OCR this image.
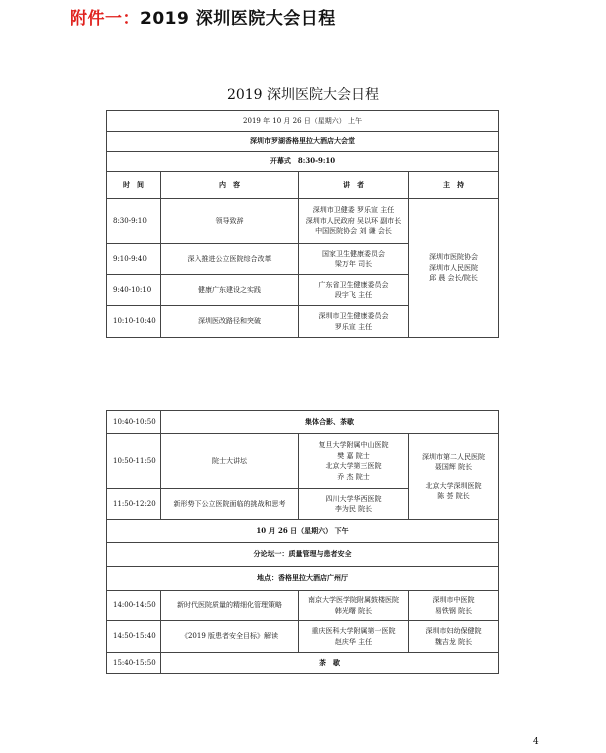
附件一：2019 深圳医院大会日程
2019 深圳医院大会日程
2019 年 10 月 26 日（星期六） 上午			
深圳市罗湖香格里拉大酒店大会堂			
开幕式　8:30-9:10			
时　间	内　容	讲　者	主　持
8:30-9:10	领导致辞	深圳市卫健委 罗乐宣 主任
深圳市人民政府 吴以环 副市长
中国医院协会 刘 谦 会长	深圳市医院协会
深圳市人民医院
邱 晨 会长/院长

9:10-9:40	深入推进公立医院综合改革	国家卫生健康委员会
梁万年 司长	

9:40-10:10	健康广东建设之实践	广东省卫生健康委员会
段宇飞 主任	

10:10-10:40	深圳医改路径和突破	深圳市卫生健康委员会
罗乐宣 主任	
10:40-10:50	集体合影、茶歇		
10:50-11:50	院士大讲坛	复旦大学附属中山医院
樊 嘉 院士
北京大学第三医院
乔 杰 院士	深圳市第二人民医院
聂国辉 院长
北京大学深圳医院
陈 荟 院长

11:50-12:20	新形势下公立医院面临的挑战和思考	四川大学华西医院
李为民 院长	

10 月 26 日（星期六） 下午			
分论坛一：质量管理与患者安全			
地点：香格里拉大酒店广州厅			
14:00-14:50	新时代医院质量的精细化管理策略	南京大学医学院附属鼓楼医院
韩光曙 院长	深圳市中医院
易铁钢 院长

14:50-15:40	《2019 版患者安全目标》解读	重庆医科大学附属第一医院
赵庆华 主任	深圳市妇幼保健院
魏吉龙 院长

15:40-15:50	茶　歇		
4
